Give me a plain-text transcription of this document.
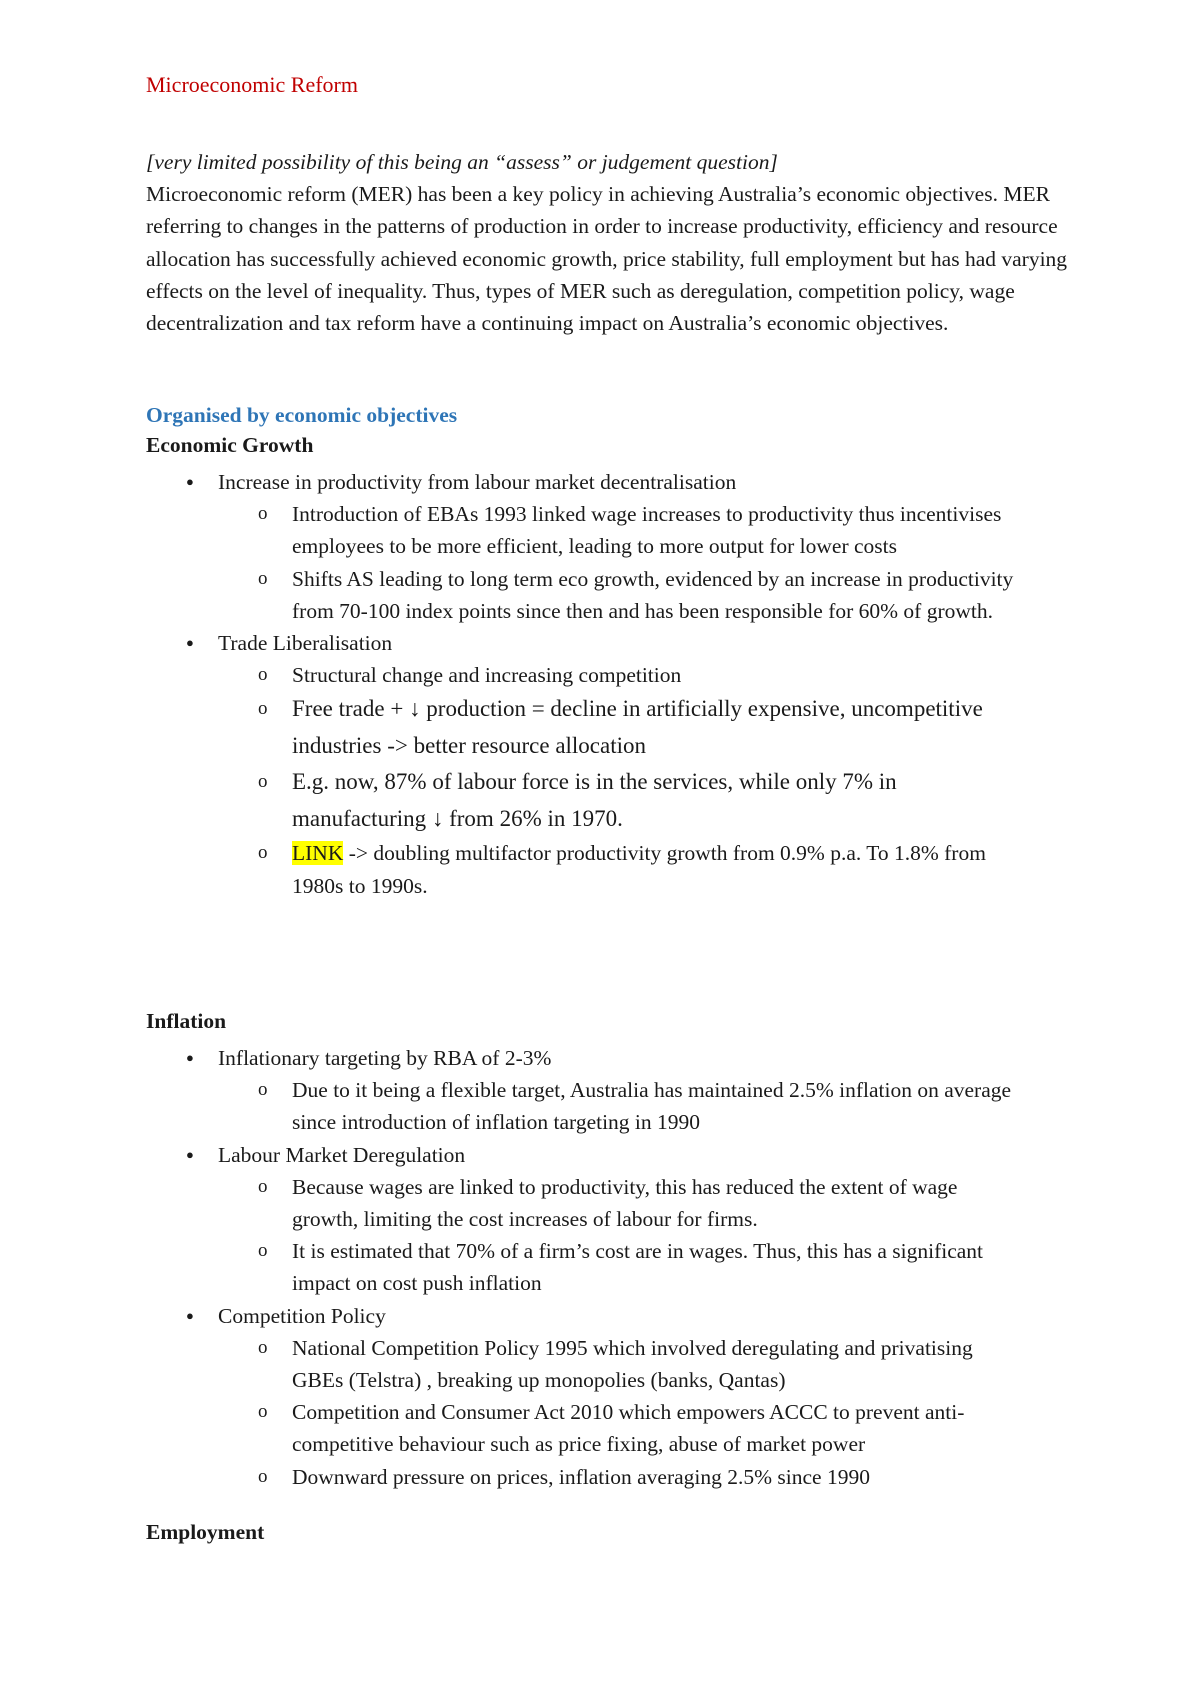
Microeconomic Reform
[very limited possibility of this being an “assess” or judgement question]
Microeconomic reform (MER) has been a key policy in achieving Australia’s economic objectives. MER referring to changes in the patterns of production in order to increase productivity, efficiency and resource allocation has successfully achieved economic growth, price stability, full employment but has had varying effects on the level of inequality. Thus, types of MER such as deregulation, competition policy, wage decentralization and tax reform have a continuing impact on Australia’s economic objectives.
Organised by economic objectives
Economic Growth
● Increase in productivity from labour market decentralisation
o Introduction of EBAs 1993 linked wage increases to productivity thus incentivises employees to be more efficient, leading to more output for lower costs
o Shifts AS leading to long term eco growth, evidenced by an increase in productivity from 70-100 index points since then and has been responsible for 60% of growth.
● Trade Liberalisation
o Structural change and increasing competition
o Free trade + ↓ production = decline in artificially expensive, uncompetitive industries -> better resource allocation
o E.g. now, 87% of labour force is in the services, while only 7% in manufacturing ↓ from 26% in 1970.
o LINK -> doubling multifactor productivity growth from 0.9% p.a. To 1.8% from 1980s to 1990s.
Inflation
● Inflationary targeting by RBA of 2-3%
o Due to it being a flexible target, Australia has maintained 2.5% inflation on average since introduction of inflation targeting in 1990
● Labour Market Deregulation
o Because wages are linked to productivity, this has reduced the extent of wage growth, limiting the cost increases of labour for firms.
o It is estimated that 70% of a firm’s cost are in wages. Thus, this has a significant impact on cost push inflation
● Competition Policy
o National Competition Policy 1995 which involved deregulating and privatising GBEs (Telstra) , breaking up monopolies (banks, Qantas)
o Competition and Consumer Act 2010 which empowers ACCC to prevent anti-competitive behaviour such as price fixing, abuse of market power
o Downward pressure on prices, inflation averaging 2.5% since 1990
Employment
